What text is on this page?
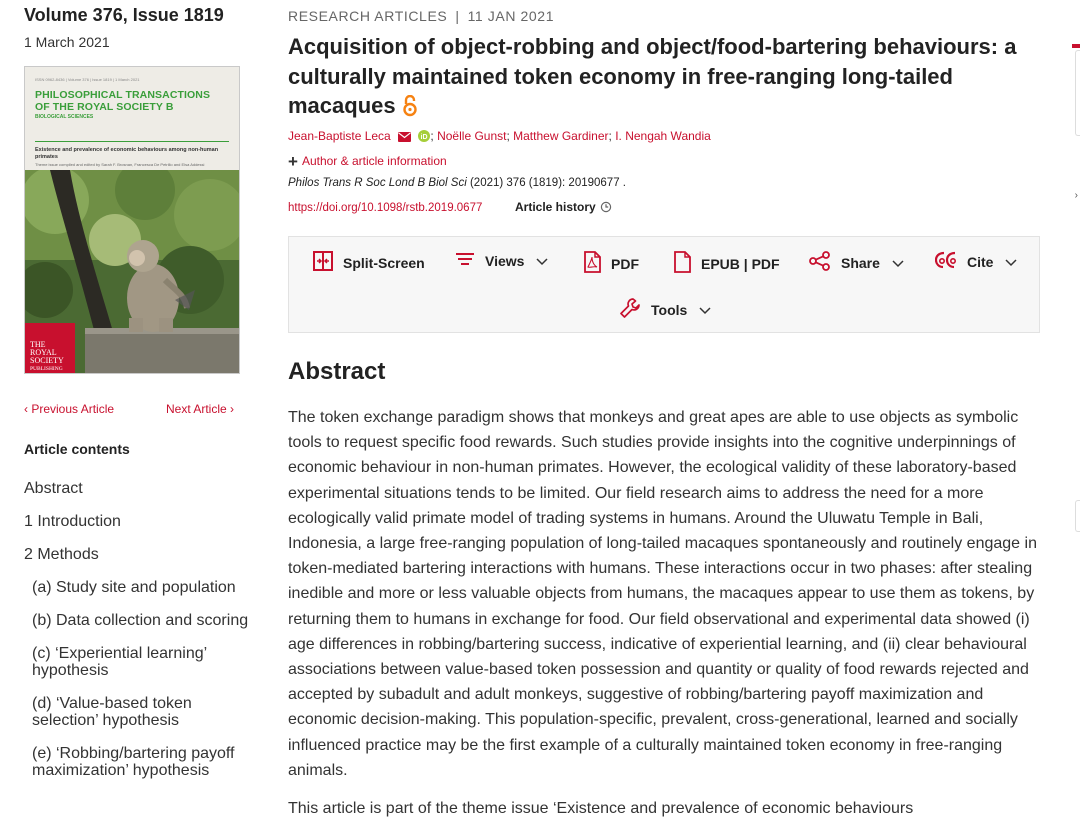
Volume 376, Issue 1819
1 March 2021
ISSN 0962-8436 | Volume 376 | Issue 1819 | 1 March 2021
PHILOSOPHICAL TRANSACTIONS
OF THE ROYAL SOCIETY B
BIOLOGICAL SCIENCES
Existence and prevalence of economic behaviours among non-human primates
Theme issue compiled and edited by Sarah F. Brosnan, Francesca De Petrillo and Elsa Addessi
THE
ROYAL
SOCIETY
PUBLISHING
‹ Previous Article	Next Article ›
Article contents
Abstract
1 Introduction
2 Methods
(a) Study site and population
(b) Data collection and scoring
(c) ‘Experiential learning’ hypothesis
(d) ‘Value-based token selection’ hypothesis
(e) ‘Robbing/bartering payoff maximization’ hypothesis
RESEARCH ARTICLES | 11 JAN 2021
Acquisition of object-robbing and object/food-bartering behaviours: a culturally maintained token economy in free-ranging long-tailed macaques
Jean-Baptiste Leca	iD ; Noëlle Gunst; Matthew Gardiner; I. Nengah Wandia
+ Author & article information
Philos Trans R Soc Lond B Biol Sci (2021) 376 (1819): 20190677 .
https://doi.org/10.1098/rstb.2019.0677	Article history
Split-Screen	Views	PDF	EPUB | PDF	Share	Cite
Tools
Abstract
The token exchange paradigm shows that monkeys and great apes are able to use objects as symbolic tools to request specific food rewards. Such studies provide insights into the cognitive underpinnings of economic behaviour in non-human primates. However, the ecological validity of these laboratory-based experimental situations tends to be limited. Our field research aims to address the need for a more ecologically valid primate model of trading systems in humans. Around the Uluwatu Temple in Bali, Indonesia, a large free-ranging population of long-tailed macaques spontaneously and routinely engage in token-mediated bartering interactions with humans. These interactions occur in two phases: after stealing inedible and more or less valuable objects from humans, the macaques appear to use them as tokens, by returning them to humans in exchange for food. Our field observational and experimental data showed (i) age differences in robbing/bartering success, indicative of experiential learning, and (ii) clear behavioural associations between value-based token possession and quantity or quality of food rewards rejected and accepted by subadult and adult monkeys, suggestive of robbing/bartering payoff maximization and economic decision-making. This population-specific, prevalent, cross-generational, learned and socially influenced practice may be the first example of a culturally maintained token economy in free-ranging animals.
This article is part of the theme issue ‘Existence and prevalence of economic behaviours
›
